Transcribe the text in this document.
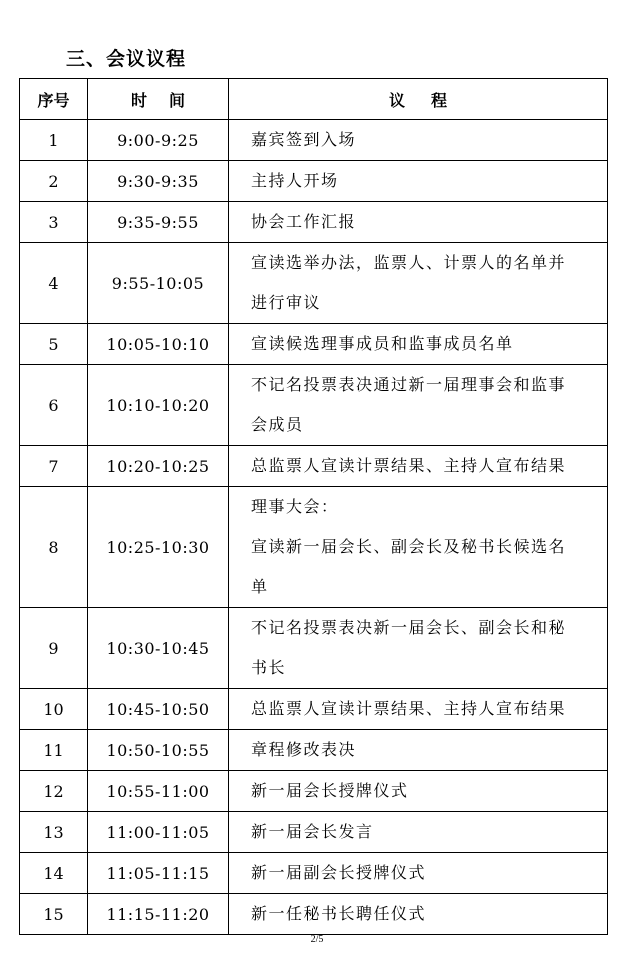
三、会议议程
序号	时 间	议 程
1	9:00-9:25	嘉宾签到入场

2	9:30-9:35	主持人开场

3	9:35-9:55	协会工作汇报

4	9:55-10:05	宣读选举办法，监票人、计票人的名单并
进行审议

5	10:05-10:10	宣读候选理事成员和监事成员名单

6	10:10-10:20	不记名投票表决通过新一届理事会和监事
会成员

7	10:20-10:25	总监票人宣读计票结果、主持人宣布结果

8	10:25-10:30	理事大会：
宣读新一届会长、副会长及秘书长候选名
单

9	10:30-10:45	不记名投票表决新一届会长、副会长和秘
书长

10	10:45-10:50	总监票人宣读计票结果、主持人宣布结果

11	10:50-10:55	章程修改表决

12	10:55-11:00	新一届会长授牌仪式

13	11:00-11:05	新一届会长发言

14	11:05-11:15	新一届副会长授牌仪式

15	11:15-11:20	新一任秘书长聘任仪式
2/5
